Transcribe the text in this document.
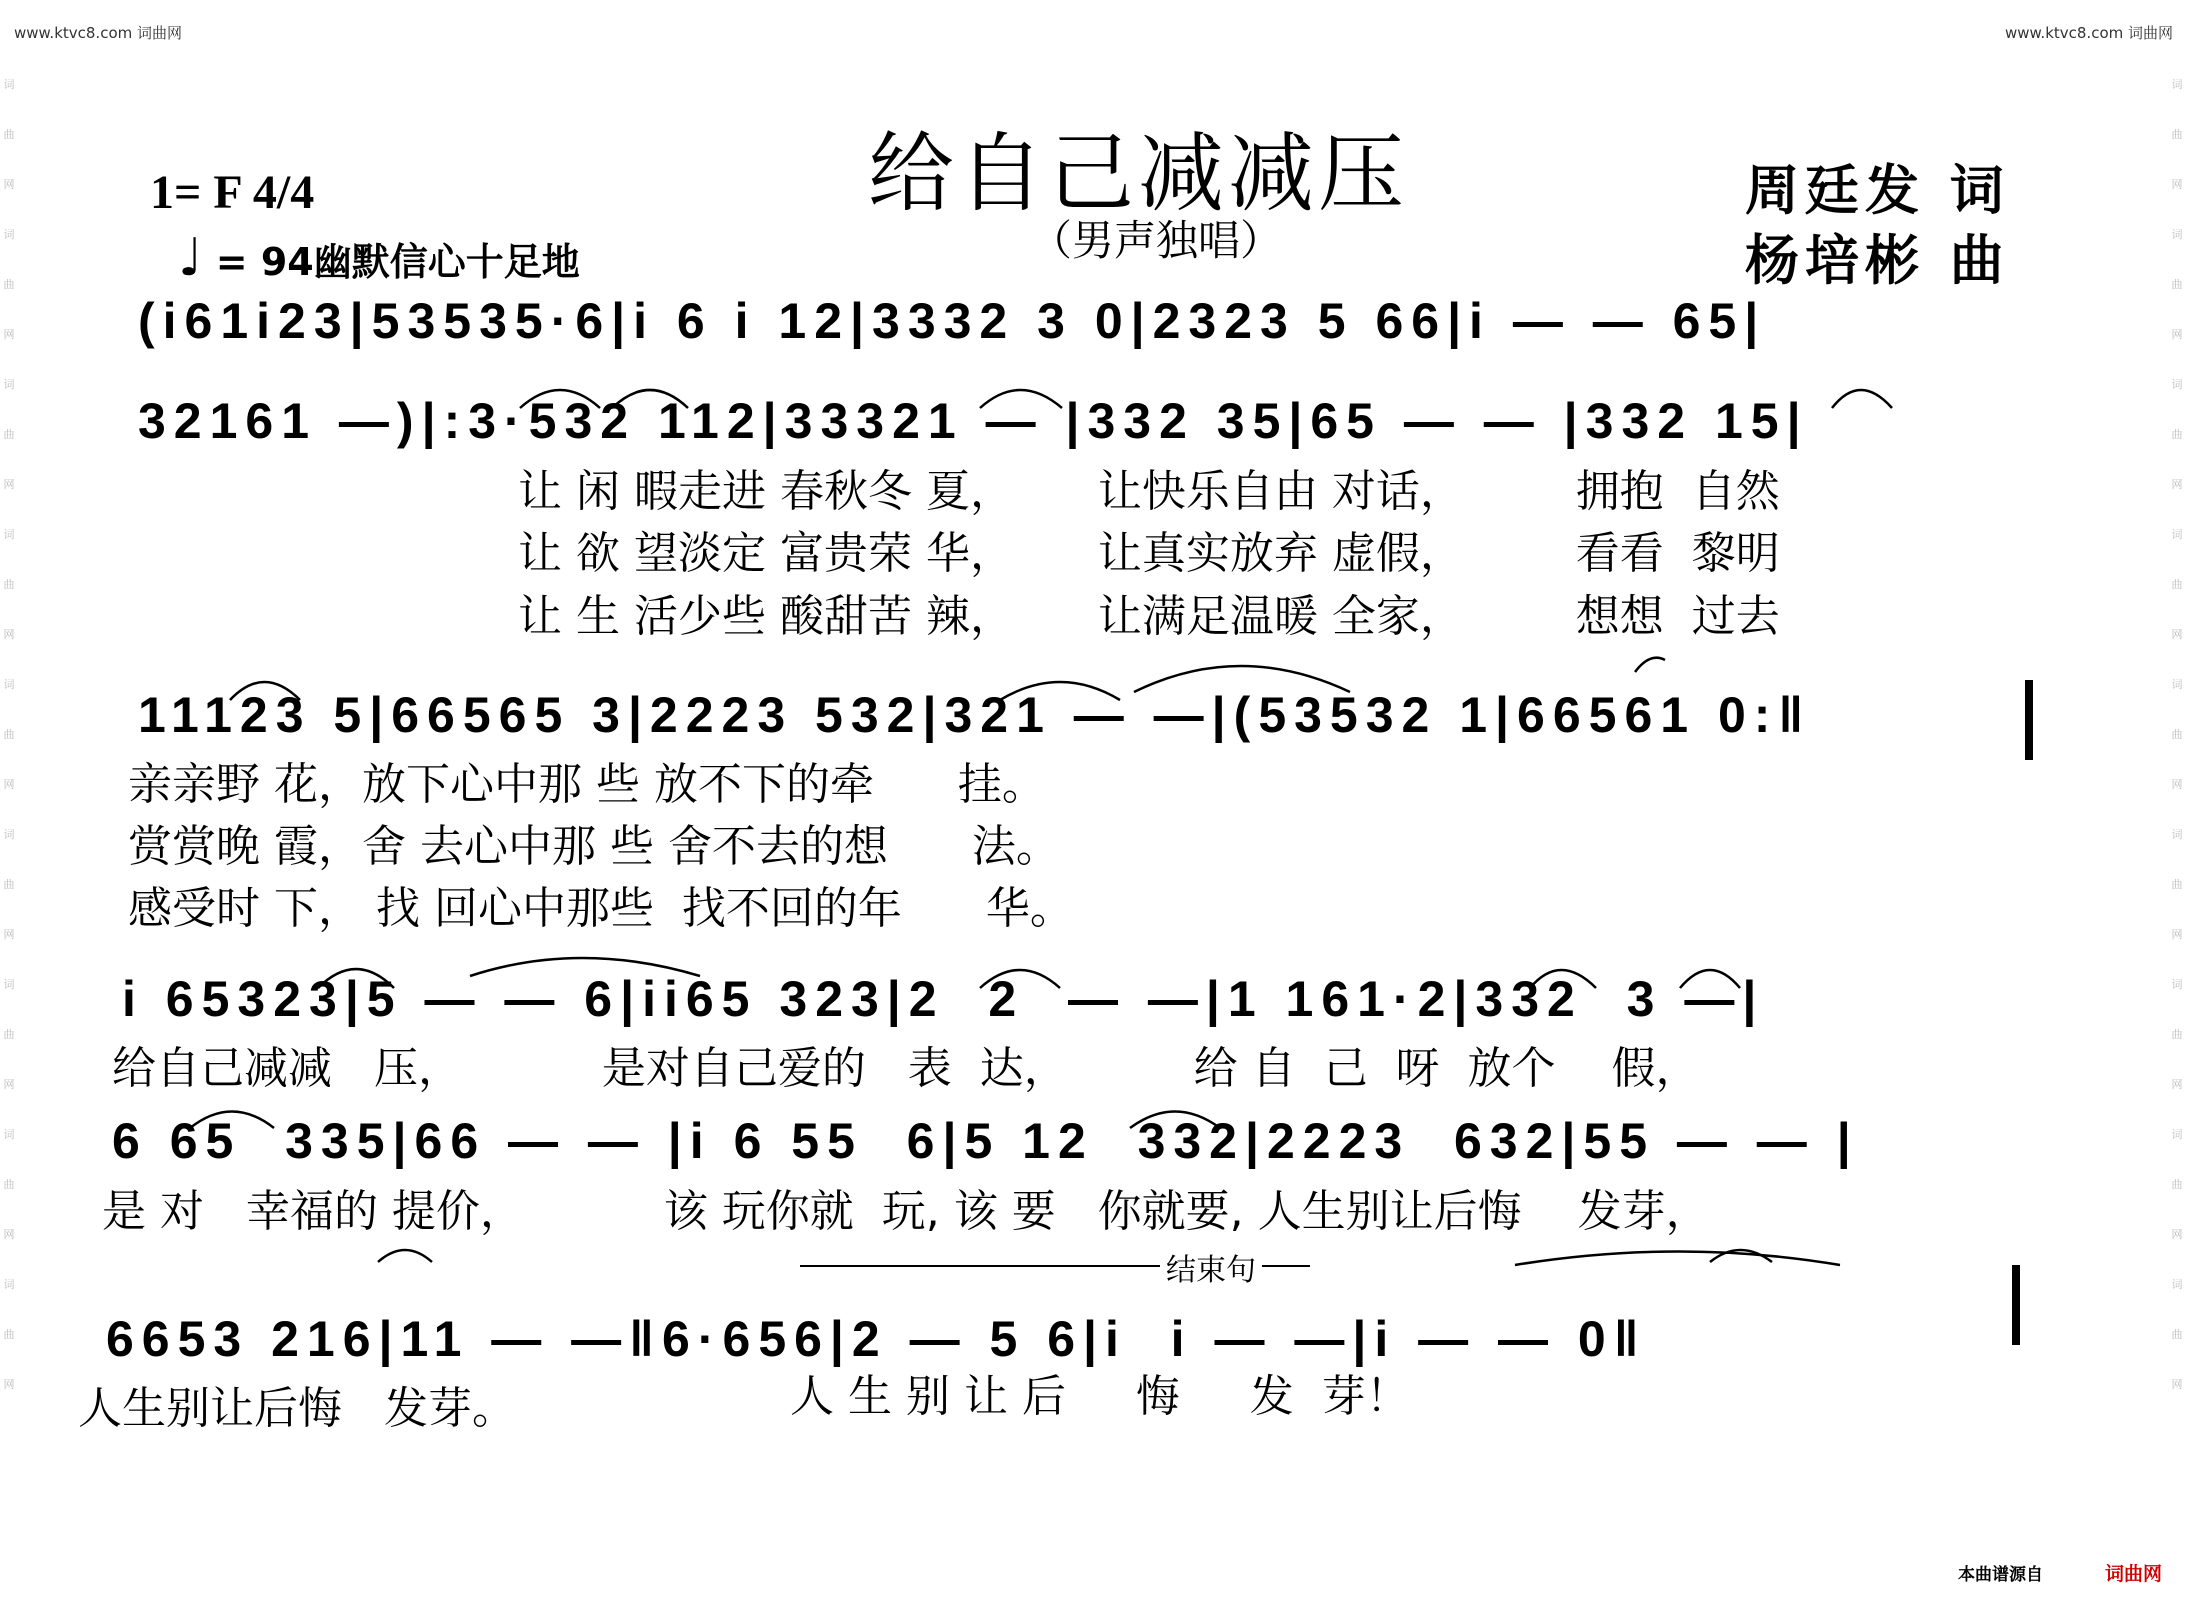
www.ktvc8.com 词曲网	www.ktvc8.com 词曲网
词
曲
网
词
曲
网
词
曲
网
词
曲
网
词
曲
网
词
曲
网
词
曲
网
词
曲
网
词
曲
网
词
曲
网
词
曲
网
词
曲
网
词
曲
网
词
曲
网
词
曲
网
词
曲
网
词
曲
网
词
曲
网
给自己减减压
（男声独唱）
1= F 4/4
♩ = 94幽默信心十足地
周廷发 词
杨培彬 曲
(i61i23|53535·6|i 6 i 12|3332 3 0|2323 5 66|i — — 65|
32161 —)|:3·532 112|33321 — |332 35|65 — — |332 15|
让 闲 暇走进 春秋冬 夏，      让快乐自由 对话，        拥抱  自然
让 欲 望淡定 富贵荣 华，      让真实放弃 虚假，        看看  黎明
让 生 活少些 酸甜苦 辣，      让满足温暖 全家，        想想  过去
11123 5|66565 3|2223 532|321 — —|(53532 1|66561 0:‖
亲亲野 花，放下心中那 些 放不下的牵      挂。
赏赏晚 霞，舍 去心中那 些 舍不去的想      法。
感受时 下， 找 回心中那些  找不回的年      华。
i 65323|5 — — 6|ii65 323|2  2  — —|1 161·2|332  3 —|
给自己减减   压，          是对自己爱的   表  达，         给 自  己  呀  放个    假，
6 65  335|66 — — |i 6 55  6|5 12  332|2223  632|55 — — |
是 对   幸福的 提价，          该 玩你就  玩, 该 要   你就要, 人生别让后悔    发芽，
结束句
6653 216|11 — —‖6·656|2 — 5 6|i  i — —|i — — 0‖
人生别让后悔   发芽。	人 生 别 让 后     悔     发  芽！
本曲谱源自	词曲网
